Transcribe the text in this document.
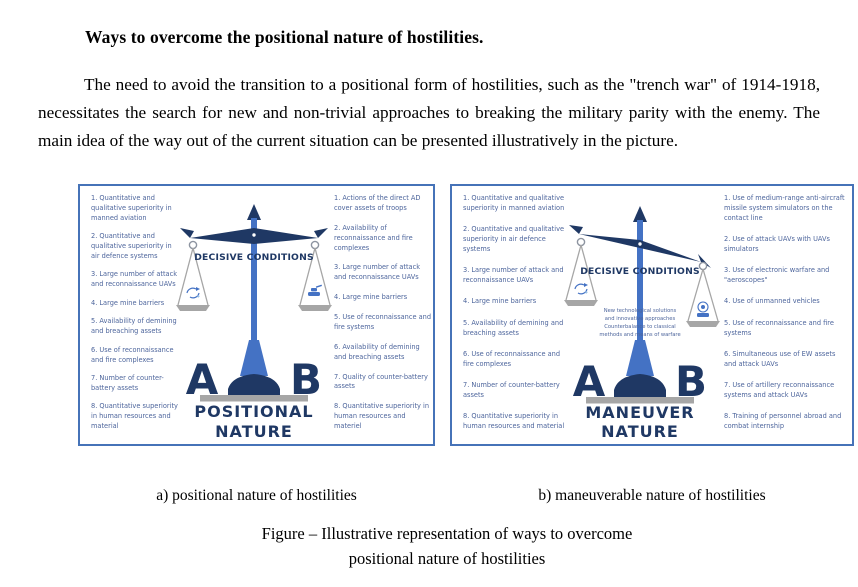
Ways to overcome the positional nature of hostilities.
The need to avoid the transition to a positional form of hostilities, such as the "trench war" of 1914-1918, necessitates the search for new and non-trivial approaches to breaking the military parity with the enemy. The main idea of the way out of the current situation can be presented illustratively in the picture.
1. Quantitative and qualitative superiority in manned aviation
2. Quantitative and qualitative superiority in air defence systems
3. Large number of attack and reconnaissance UAVs
4. Large mine barriers
5. Availability of demining and breaching assets
6. Use of reconnaissance and fire complexes
7. Number of counter-battery assets
8. Quantitative superiority in human resources and material
DECISIVE CONDITIONS
A B
POSITIONAL
NATURE
1. Actions of the direct AD cover assets of troops
2. Availability of reconnaissance and fire complexes
3. Large number of attack and reconnaissance UAVs
4. Large mine barriers
5. Use of reconnaissance and fire systems
6. Availability of demining and breaching assets
7. Quality of counter-battery assets
8. Quantitative superiority in human resources and materiel
1. Quantitative and qualitative superiority in manned aviation
2. Quantitative and qualitative superiority in air defence systems
3. Large number of attack and reconnaissance UAVs
4. Large mine barriers
5. Availability of demining and breaching assets
6. Use of reconnaissance and fire complexes
7. Number of counter-battery assets
8. Quantitative superiority in human resources and material
DECISIVE CONDITIONS
New technological solutions
and innovative approaches
Counterbalance to classical
methods and means of warfare
A B
MANEUVER
NATURE
1. Use of medium-range anti-aircraft missile system simulators on the contact line
2. Use of attack UAVs with UAVs simulators
3. Use of electronic warfare and "aeroscopes"
4. Use of unmanned vehicles
5. Use of reconnaissance and fire systems
6. Simultaneous use of EW assets and attack UAVs
7. Use of artillery reconnaissance systems and attack UAVs
8. Training of personnel abroad and combat internship
a) positional nature of hostilities	b) maneuverable nature of hostilities
Figure – Illustrative representation of ways to overcome
positional nature of hostilities
